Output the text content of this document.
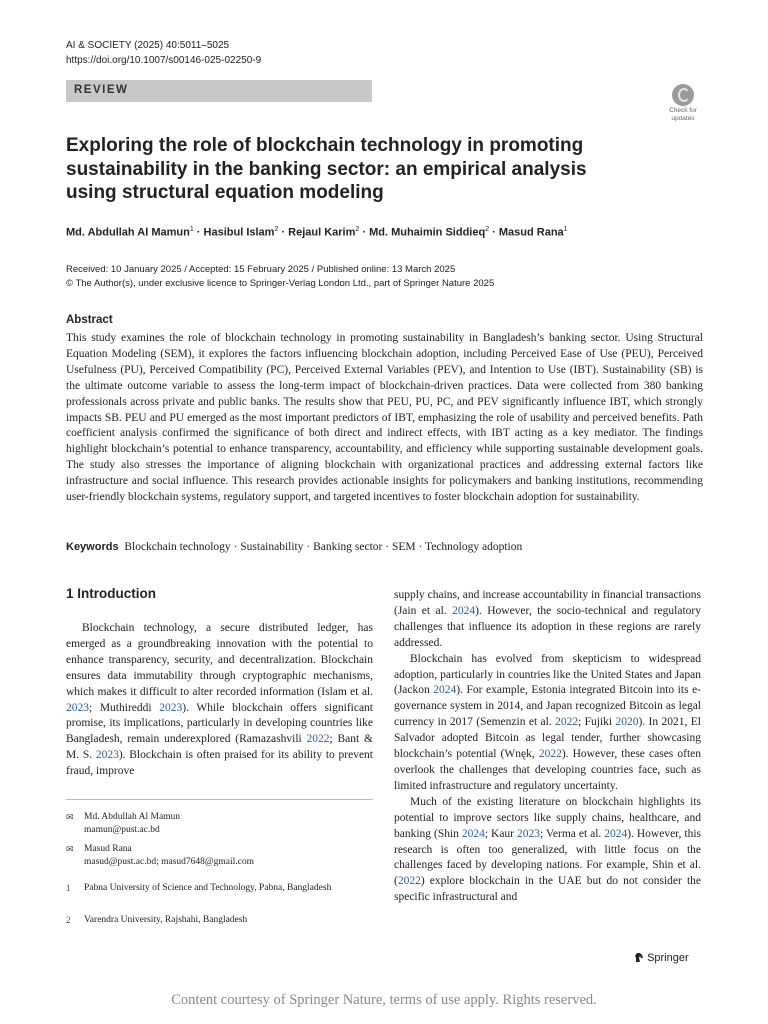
AI & SOCIETY (2025) 40:5011–5025
https://doi.org/10.1007/s00146-025-02250-9
REVIEW
Check for
updates
Exploring the role of blockchain technology in promoting sustainability in the banking sector: an empirical analysis using structural equation modeling
Md. Abdullah Al Mamun$^1$ · Hasibul Islam$^2$ · Rejaul Karim$^2$ · Md. Muhaimin Siddieq$^2$ · Masud Rana$^1$
Received: 10 January 2025 / Accepted: 15 February 2025 / Published online: 13 March 2025
© The Author(s), under exclusive licence to Springer-Verlag London Ltd., part of Springer Nature 2025
Abstract
This study examines the role of blockchain technology in promoting sustainability in Bangladesh’s banking sector. Using Structural Equation Modeling (SEM), it explores the factors influencing blockchain adoption, including Perceived Ease of Use (PEU), Perceived Usefulness (PU), Perceived Compatibility (PC), Perceived External Variables (PEV), and Intention to Use (IBT). Sustainability (SB) is the ultimate outcome variable to assess the long-term impact of blockchain-driven practices. Data were collected from 380 banking professionals across private and public banks. The results show that PEU, PU, PC, and PEV significantly influence IBT, which strongly impacts SB. PEU and PU emerged as the most important predictors of IBT, emphasizing the role of usability and perceived benefits. Path coefficient analysis confirmed the significance of both direct and indirect effects, with IBT acting as a key mediator. The findings highlight blockchain’s potential to enhance transparency, accountability, and efficiency while supporting sustainable development goals. The study also stresses the importance of aligning blockchain with organizational practices and addressing external factors like infrastructure and social influence. This research provides actionable insights for policymakers and banking institutions, recommending user-friendly blockchain systems, regulatory support, and targeted incentives to foster blockchain adoption for sustainability.
Keywords Blockchain technology · Sustainability · Banking sector · SEM · Technology adoption
1 Introduction

Blockchain technology, a secure distributed ledger, has emerged as a groundbreaking innovation with the potential to enhance transparency, security, and decentralization. Blockchain ensures data immutability through cryptographic mechanisms, which makes it difficult to alter recorded information (Islam et al. 2023; Muthireddi 2023). While blockchain offers significant promise, its implications, particularly in developing countries like Bangladesh, remain underexplored (Ramazashvili 2022; Bant & M. S. 2023). Blockchain is often praised for its ability to prevent fraud, improve

supply chains, and increase accountability in financial transactions (Jain et al. 2024). However, the socio-technical and regulatory challenges that influence its adoption in these regions are rarely addressed.

Blockchain has evolved from skepticism to widespread adoption, particularly in countries like the United States and Japan (Jackon 2024). For example, Estonia integrated Bitcoin into its e-governance system in 2014, and Japan recognized Bitcoin as legal currency in 2017 (Semenzin et al. 2022; Fujiki 2020). In 2021, El Salvador adopted Bitcoin as legal tender, further showcasing blockchain’s potential (Wnęk, 2022). However, these cases often overlook the challenges that developing countries face, such as limited infrastructure and regulatory uncertainty.

Much of the existing literature on blockchain highlights its potential to improve sectors like supply chains, healthcare, and banking (Shin 2024; Kaur 2023; Verma et al. 2024). However, this research is often too generalized, with little focus on the challenges faced by developing nations. For example, Shin et al. (2022) explore blockchain in the UAE but do not consider the specific infrastructural and

✉ Md. Abdullah Al Mamun
mamun@pust.ac.bd
✉ Masud Rana
masud@pust.ac.bd; masud7648@gmail.com
1 Pabna University of Science and Technology, Pabna, Bangladesh
2 Varendra University, Rajshahi, Bangladesh
Springer
Content courtesy of Springer Nature, terms of use apply. Rights reserved.
